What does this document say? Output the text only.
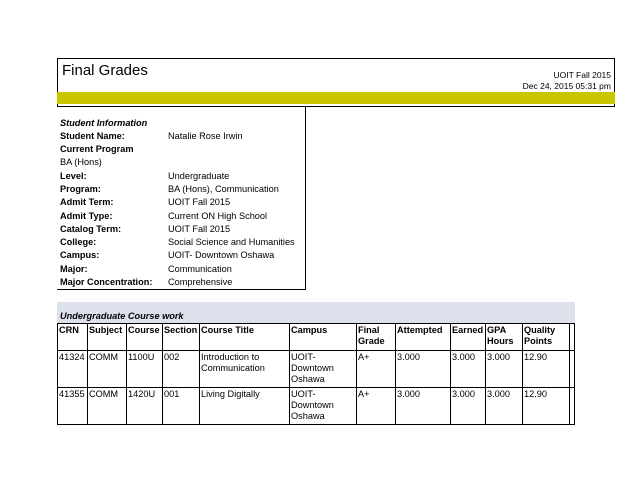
Final Grades	UOIT Fall 2015
Dec 24, 2015 05:31 pm
Student Information
Student Name:	Natalie Rose Irwin
Current Program
BA (Hons)
Level:	Undergraduate
Program:	BA (Hons), Communication
Admit Term:	UOIT Fall 2015
Admit Type:	Current ON High School
Catalog Term:	UOIT Fall 2015
College:	Social Science and Humanities
Campus:	UOIT- Downtown Oshawa
Major:	Communication
Major Concentration: Comprehensive
Undergraduate Course work
CRN	Subject	Course	Section	Course Title	Campus	Final Grade	Attempted	Earned	GPA Hours	Quality Points	
41324	COMM	1100U	002	Introduction to Communication	UOIT- Downtown Oshawa	A+	3.000	3.000	3.000	12.90	
41355	COMM	1420U	001	Living Digitally	UOIT- Downtown Oshawa	A+	3.000	3.000	3.000	12.90	
